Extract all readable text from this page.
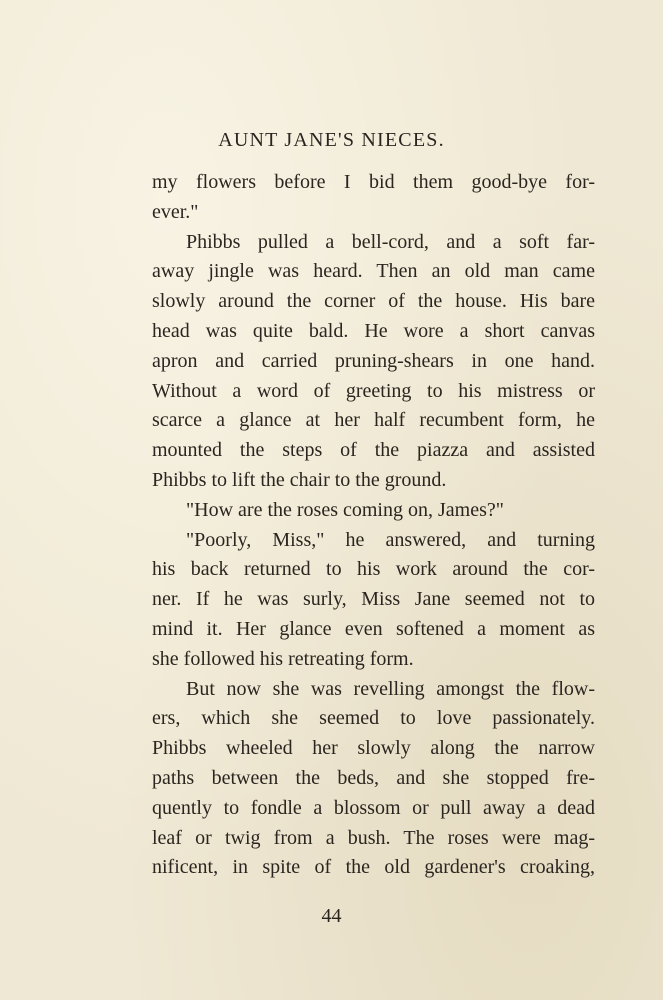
AUNT JANE'S NIECES.
my flowers before I bid them good-bye for-
ever."
Phibbs pulled a bell-cord, and a soft far-
away jingle was heard. Then an old man came
slowly around the corner of the house. His bare
head was quite bald. He wore a short canvas
apron and carried pruning-shears in one hand.
Without a word of greeting to his mistress or
scarce a glance at her half recumbent form, he
mounted the steps of the piazza and assisted
Phibbs to lift the chair to the ground.
"How are the roses coming on, James?"
"Poorly, Miss," he answered, and turning
his back returned to his work around the cor-
ner. If he was surly, Miss Jane seemed not to
mind it. Her glance even softened a moment as
she followed his retreating form.
But now she was revelling amongst the flow-
ers, which she seemed to love passionately.
Phibbs wheeled her slowly along the narrow
paths between the beds, and she stopped fre-
quently to fondle a blossom or pull away a dead
leaf or twig from a bush. The roses were mag-
nificent, in spite of the old gardener's croaking,
44
